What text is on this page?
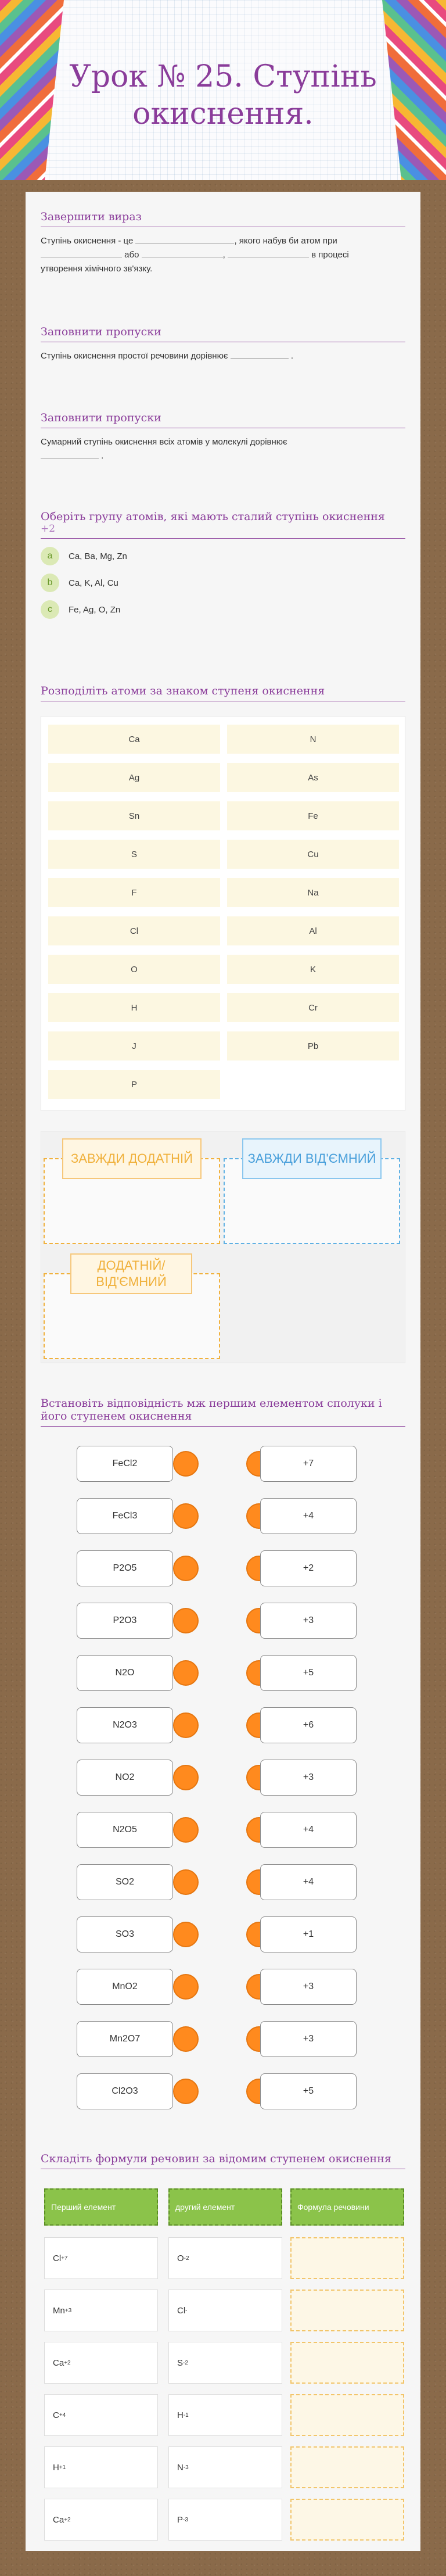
Урок № 25. Ступінь окиснення.
Завершити вираз
Ступінь окиснення - це	, якого набув би атом при
або	,	в процесі
утворення хімічного зв'язку.
Заповнити пропуски
Ступінь окиснення простої речовини дорівнює	.
Заповнити пропуски
Сумарний ступінь окиснення всіх атомів у молекулі дорівнює
.
Оберіть групу атомів, які мають сталий ступінь окиснення
+2
a	Ca, Ba, Mg, Zn
b	Ca, K, Al, Cu
c	Fe, Ag, O, Zn
Розподіліть атоми за знаком ступеня окиснення
Ca	N
Ag	As
Sn	Fe
S	Cu
F	Na
Cl	Al
O	K
H	Cr
J	Pb
P
ЗАВЖДИ ДОДАТНІЙ	ЗАВЖДИ ВІД'ЄМНИЙ
ДОДАТНІЙ/ ВІД'ЄМНИЙ
Встановіть відповідність мж першим елементом сполуки і його ступенем окиснення
FeCl2	+7
FeCl3	+4
P2O5	+2
P2O3	+3
N2O	+5
N2O3	+6
NO2	+3
N2O5	+4
SO2	+4
SO3	+1
MnO2	+3
Mn2O7	+3
Cl2O3	+5
Складіть формули речовин за відомим ступенем окиснення
Перший елемент	другий елемент	Формула речовини
Cl +7	O -2
Mn +3	Cl -
Ca +2	S -2
C +4	H -1
H +1	N -3
Ca +2	P -3
